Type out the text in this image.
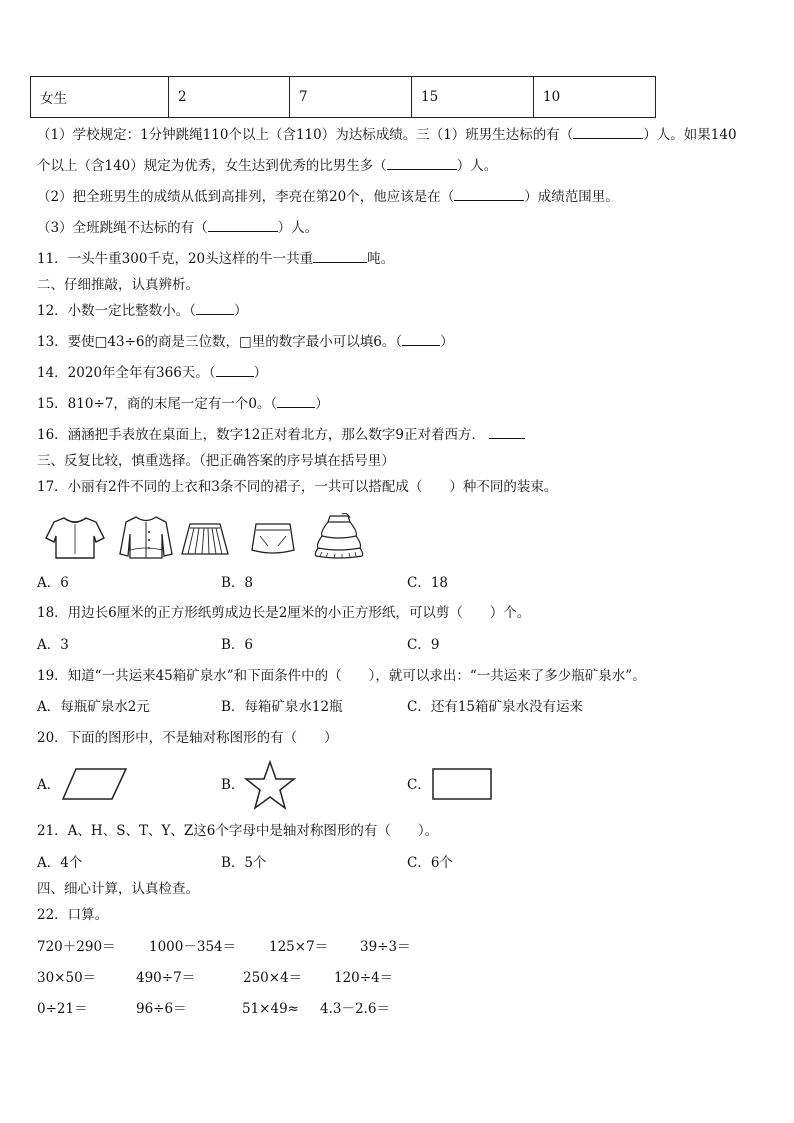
女生	2	7	15	10
（1）学校规定：1分钟跳绳110个以上（含110）为达标成绩。三（1）班男生达标的有（	）人。如果140
个以上（含140）规定为优秀，女生达到优秀的比男生多（	）人。
（2）把全班男生的成绩从低到高排列，李亮在第20个，他应该是在（	）成绩范围里。
（3）全班跳绳不达标的有（	）人。
11．一头牛重300千克，20头这样的牛一共重	吨。
二、仔细推敲，认真辨析。
12．小数一定比整数小。（	）
13．要使□43÷6的商是三位数，□里的数字最小可以填6。（	）
14．2020年全年有366天。（	）
15．810÷7，商的末尾一定有一个0。（	）
16．涵涵把手表放在桌面上，数字12正对着北方，那么数字9正对着西方．
三、反复比较，慎重选择。（把正确答案的序号填在括号里）
17．小丽有2件不同的上衣和3条不同的裙子，一共可以搭配成（　　）种不同的装束。
A．6	B．8	C．18
18．用边长6厘米的正方形纸剪成边长是2厘米的小正方形纸，可以剪（　　）个。
A．3	B．6	C．9
19．知道“一共运来45箱矿泉水”和下面条件中的（　　），就可以求出：“一共运来了多少瓶矿泉水”。
A．每瓶矿泉水2元	B．每箱矿泉水12瓶	C．还有15箱矿泉水没有运来
20．下面的图形中，不是轴对称图形的有（　　）
A．	B．	C．
21．A、H、S、T、Y、Z这6个字母中是轴对称图形的有（　　）。
A．4个	B．5个	C．6个
四、细心计算，认真检查。
22．口算。
720＋290＝ 1000－354＝ 125×7＝ 39÷3＝
30×50＝	490÷7＝	250×4＝ 120÷4＝
0÷21＝	96÷6＝	51×49≈ 4.3－2.6＝
